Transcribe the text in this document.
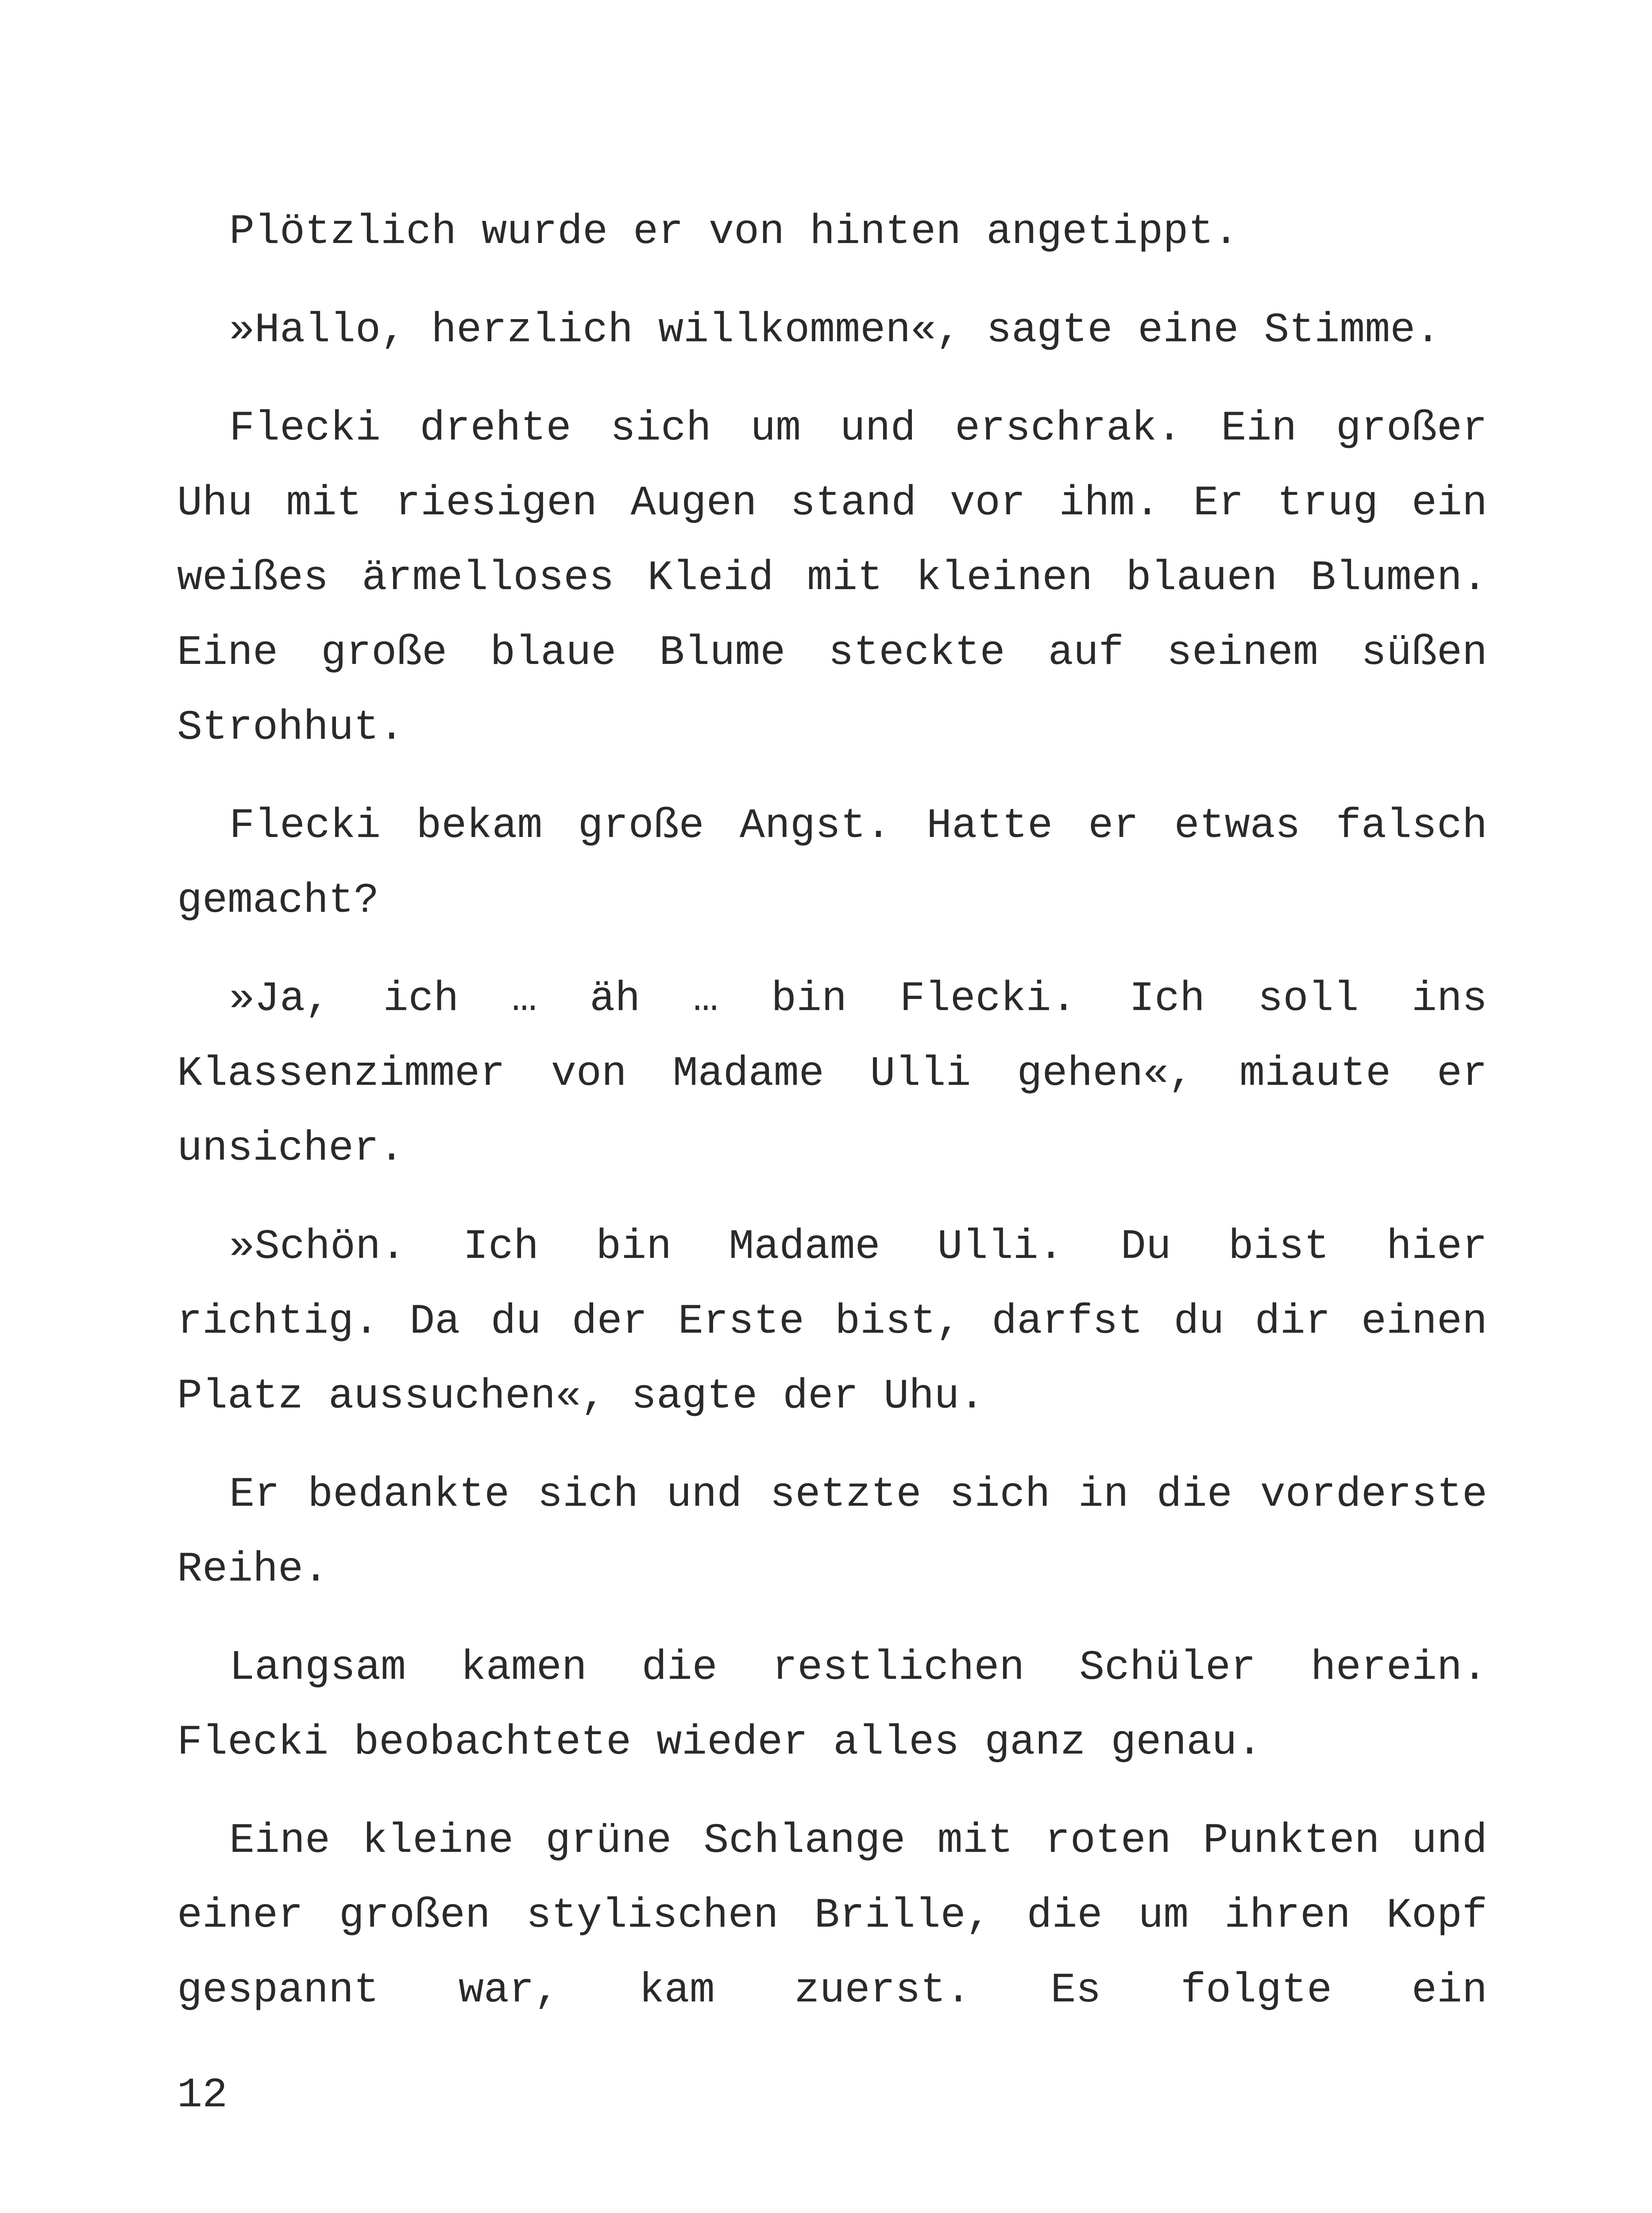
Plötzlich wurde er von hinten angetippt.

»Hallo, herzlich willkommen«, sagte eine Stimme.

Flecki drehte sich um und erschrak. Ein großer Uhu mit riesigen Augen stand vor ihm. Er trug ein weißes ärmelloses Kleid mit kleinen blauen Blumen. Eine große blaue Blume steckte auf seinem süßen Strohhut.

Flecki bekam große Angst. Hatte er etwas falsch gemacht?

»Ja, ich … äh … bin Flecki. Ich soll ins Klassenzimmer von Madame Ulli gehen«, miaute er unsicher.

»Schön. Ich bin Madame Ulli. Du bist hier richtig. Da du der Erste bist, darfst du dir einen Platz aussuchen«, sagte der Uhu.

Er bedankte sich und setzte sich in die vorderste Reihe.

Langsam kamen die restlichen Schüler herein. Flecki beobachtete wieder alles ganz genau.

Eine kleine grüne Schlange mit roten Punkten und einer großen stylischen Brille, die um ihren Kopf gespannt war, kam zuerst. Es folgte ein

12
